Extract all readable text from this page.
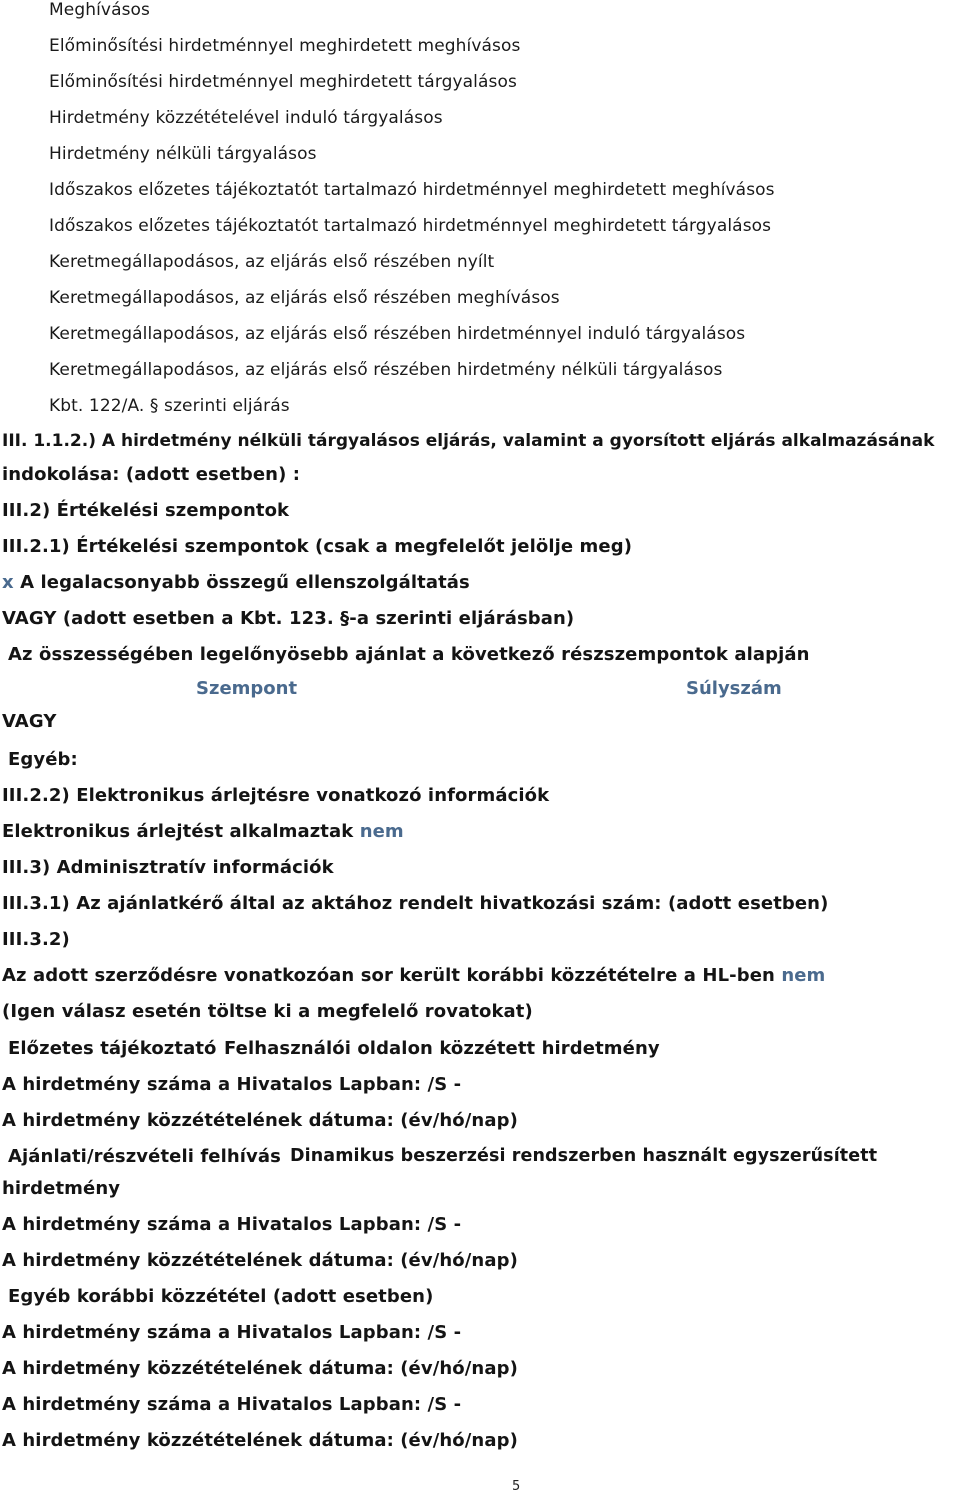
Meghívásos
Előminősítési hirdetménnyel meghirdetett meghívásos
Előminősítési hirdetménnyel meghirdetett tárgyalásos
Hirdetmény közzétételével induló tárgyalásos
Hirdetmény nélküli tárgyalásos
Időszakos előzetes tájékoztatót tartalmazó hirdetménnyel meghirdetett meghívásos
Időszakos előzetes tájékoztatót tartalmazó hirdetménnyel meghirdetett tárgyalásos
Keretmegállapodásos, az eljárás első részében nyílt
Keretmegállapodásos, az eljárás első részében meghívásos
Keretmegállapodásos, az eljárás első részében hirdetménnyel induló tárgyalásos
Keretmegállapodásos, az eljárás első részében hirdetmény nélküli tárgyalásos
Kbt. 122/A. § szerinti eljárás
III. 1.1.2.) A hirdetmény nélküli tárgyalásos eljárás, valamint a gyorsított eljárás alkalmazásának
indokolása: (adott esetben) :
III.2) Értékelési szempontok
III.2.1) Értékelési szempontok (csak a megfelelőt jelölje meg)
x A legalacsonyabb összegű ellenszolgáltatás
VAGY (adott esetben a Kbt. 123. §-a szerinti eljárásban)
Az összességében legelőnyösebb ajánlat a következő részszempontok alapján
Szempont	Súlyszám
VAGY
Egyéb:
III.2.2) Elektronikus árlejtésre vonatkozó információk
Elektronikus árlejtést alkalmaztak nem
III.3) Adminisztratív információk
III.3.1) Az ajánlatkérő által az aktához rendelt hivatkozási szám: (adott esetben)
III.3.2)
Az adott szerződésre vonatkozóan sor került korábbi közzétételre a HL-ben nem
(Igen válasz esetén töltse ki a megfelelő rovatokat)
Előzetes tájékoztató Felhasználói oldalon közzétett hirdetmény
A hirdetmény száma a Hivatalos Lapban: /S -
A hirdetmény közzétételének dátuma: (év/hó/nap)
Ajánlati/részvételi felhívás Dinamikus beszerzési rendszerben használt egyszerűsített
hirdetmény
A hirdetmény száma a Hivatalos Lapban: /S -
A hirdetmény közzétételének dátuma: (év/hó/nap)
Egyéb korábbi közzététel (adott esetben)
A hirdetmény száma a Hivatalos Lapban: /S -
A hirdetmény közzétételének dátuma: (év/hó/nap)
A hirdetmény száma a Hivatalos Lapban: /S -
A hirdetmény közzétételének dátuma: (év/hó/nap)
5
